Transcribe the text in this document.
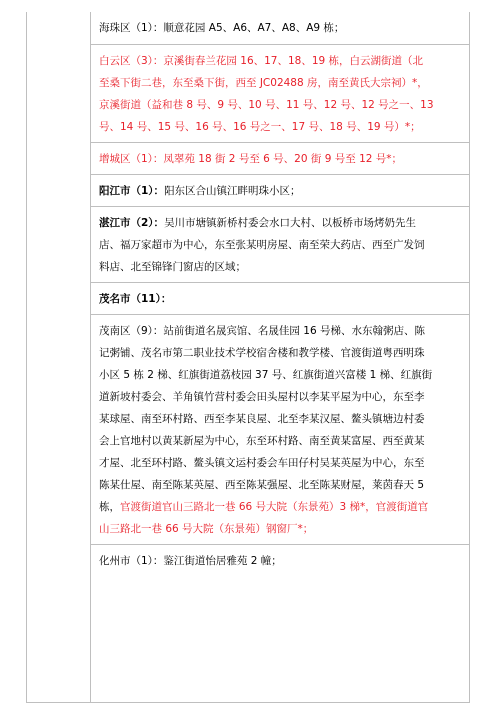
海珠区（1）：顺意花园 A5、A6、A7、A8、A9 栋；
白云区（3）：京溪街春兰花园 16、17、18、19 栋，白云湖街道（北
至桑下街二巷，东至桑下街，西至 JC02488 房，南至黄氏大宗祠）*，
京溪街道（益和巷 8 号、9 号、10 号、11 号、12 号、12 号之一、13
号、14 号、15 号、16 号、16 号之一、17 号、18 号、19 号）*；
增城区（1）：凤翠苑 18 街 2 号至 6 号、20 街 9 号至 12 号*；
阳江市（1）：阳东区合山镇江畔明珠小区；
湛江市（2）：吴川市塘镇新桥村委会水口大村、以板桥市场烤奶先生
店、福万家超市为中心，东至张某明房屋、南至荣大药店、西至广发饲
料店、北至锦锋门窗店的区域；
茂名市（11）：
茂南区（9）：站前街道名晟宾馆、名晟佳园 16 号梯、水东翰粥店、陈
记粥铺、茂名市第二职业技术学校宿舍楼和教学楼、官渡街道粤西明珠
小区 5 栋 2 梯、红旗街道荔枝园 37 号、红旗街道兴富楼 1 梯、红旗街
道新坡村委会、羊角镇竹营村委会田头屋村以李某平屋为中心，东至李
某球屋、南至环村路、西至李某良屋、北至李某汉屋、鳌头镇塘边村委
会上官地村以黄某新屋为中心，东至环村路、南至黄某富屋、西至黄某
才屋、北至环村路、鳌头镇文运村委会车田仔村吴某英屋为中心，东至
陈某仕屋、南至陈某英屋、西至陈某强屋、北至陈某财屋，莱茵春天 5
栋，官渡街道官山三路北一巷 66 号大院（东景苑）3 梯*，官渡街道官
山三路北一巷 66 号大院（东景苑）钢窗厂*；
化州市（1）：鉴江街道怡居雅苑 2 幢；
